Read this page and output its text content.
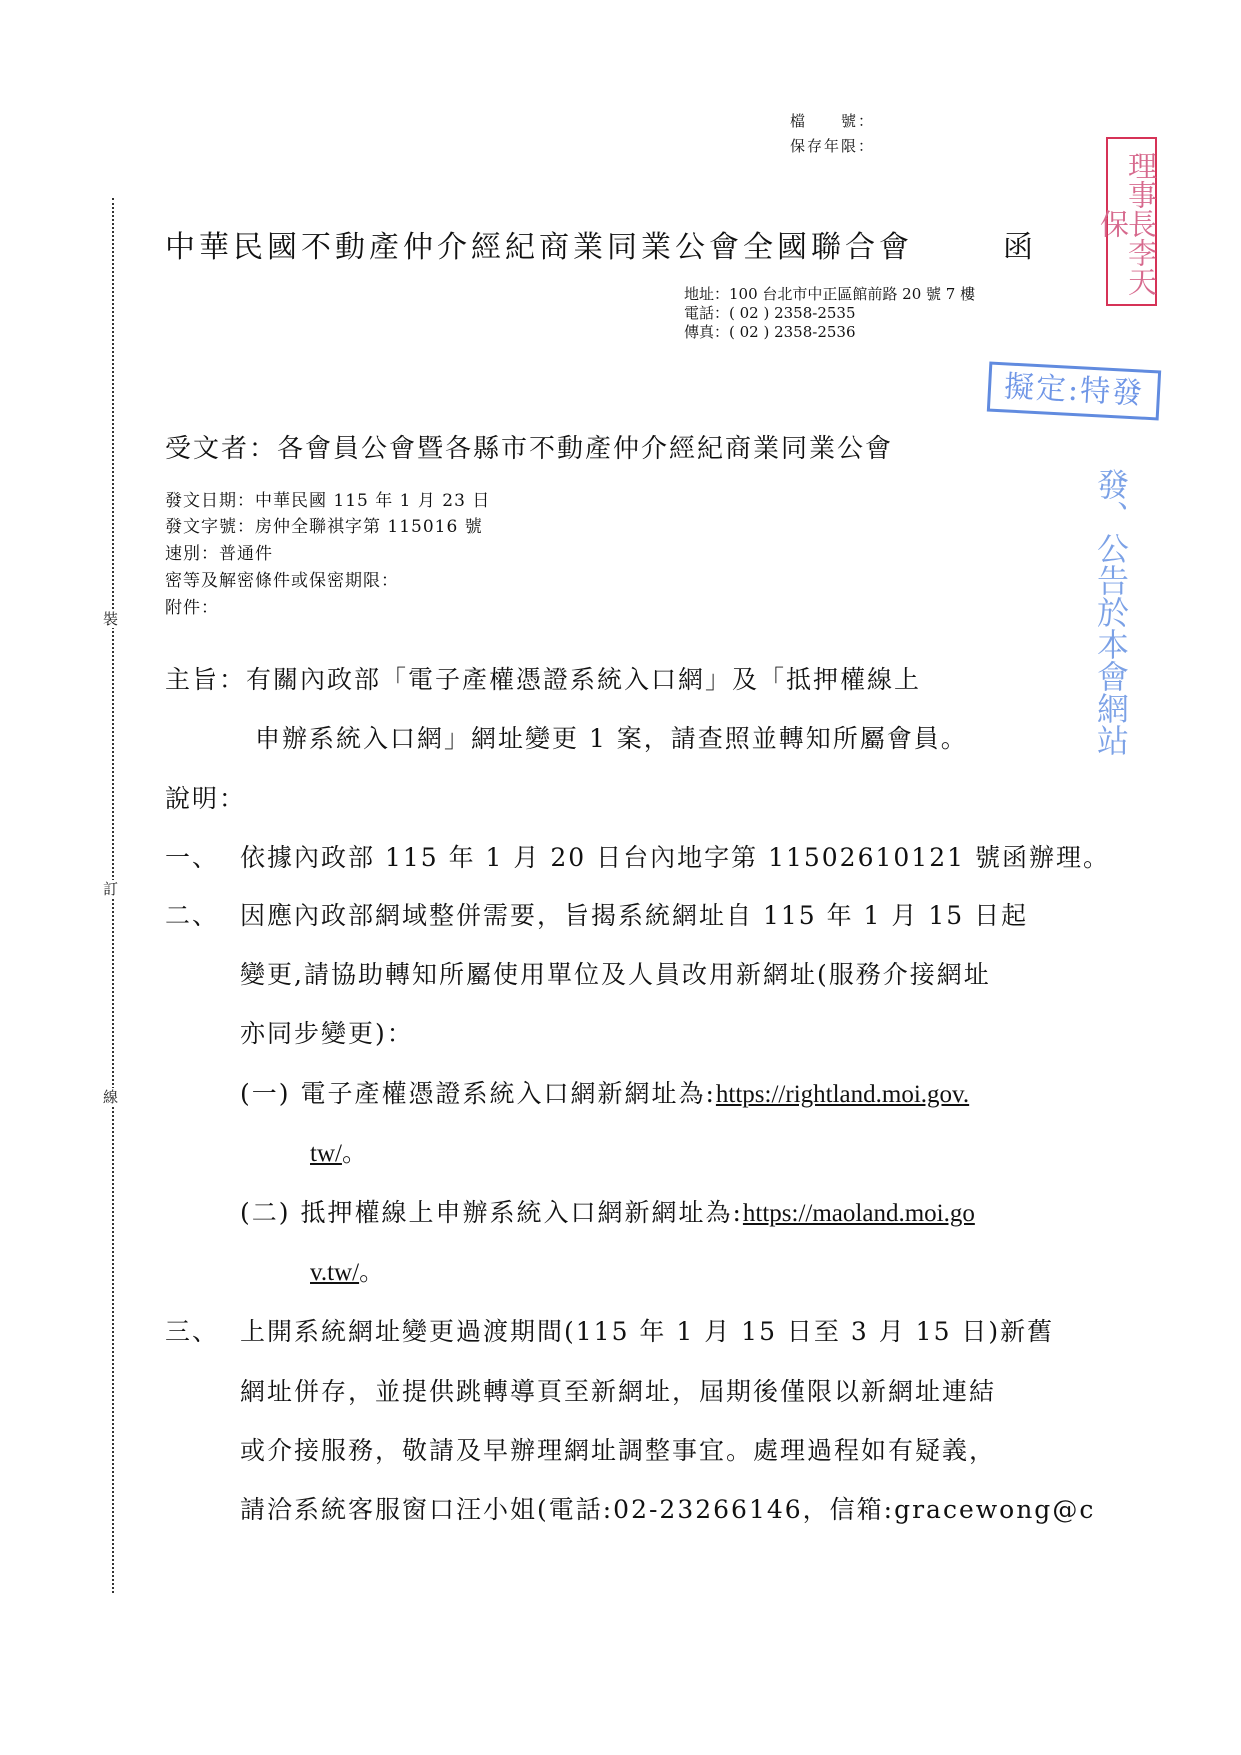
裝
訂
線
檔　　號：
保存年限：
中華民國不動產仲介經紀商業同業公會全國聯合會	函
地址：100 台北市中正區館前路 20 號 7 樓
電話：( 02 ) 2358-2535
傳真：( 02 ) 2358-2536
理事長李天保
擬定:特發
發、公告於本會網站
受文者：各會員公會暨各縣市不動產仲介經紀商業同業公會
發文日期：中華民國 115 年 1 月 23 日
發文字號：房仲全聯祺字第 115016 號
速別：普通件
密等及解密條件或保密期限：
附件：
主旨：有關內政部「電子產權憑證系統入口網」及「抵押權線上
申辦系統入口網」網址變更 1 案，請查照並轉知所屬會員。
說明：
一、 依據內政部 115 年 1 月 20 日台內地字第 11502610121 號函辦理。
二、 因應內政部網域整併需要，旨揭系統網址自 115 年 1 月 15 日起
變更,請協助轉知所屬使用單位及人員改用新網址(服務介接網址
亦同步變更)：
(一) 電子產權憑證系統入口網新網址為:https://rightland.moi.gov.
tw/。
(二) 抵押權線上申辦系統入口網新網址為:https://maoland.moi.go
v.tw/。
三、 上開系統網址變更過渡期間(115 年 1 月 15 日至 3 月 15 日)新舊
網址併存，並提供跳轉導頁至新網址，屆期後僅限以新網址連結
或介接服務，敬請及早辦理網址調整事宜。處理過程如有疑義，
請洽系統客服窗口汪小姐(電話:02-23266146，信箱:gracewong@c
